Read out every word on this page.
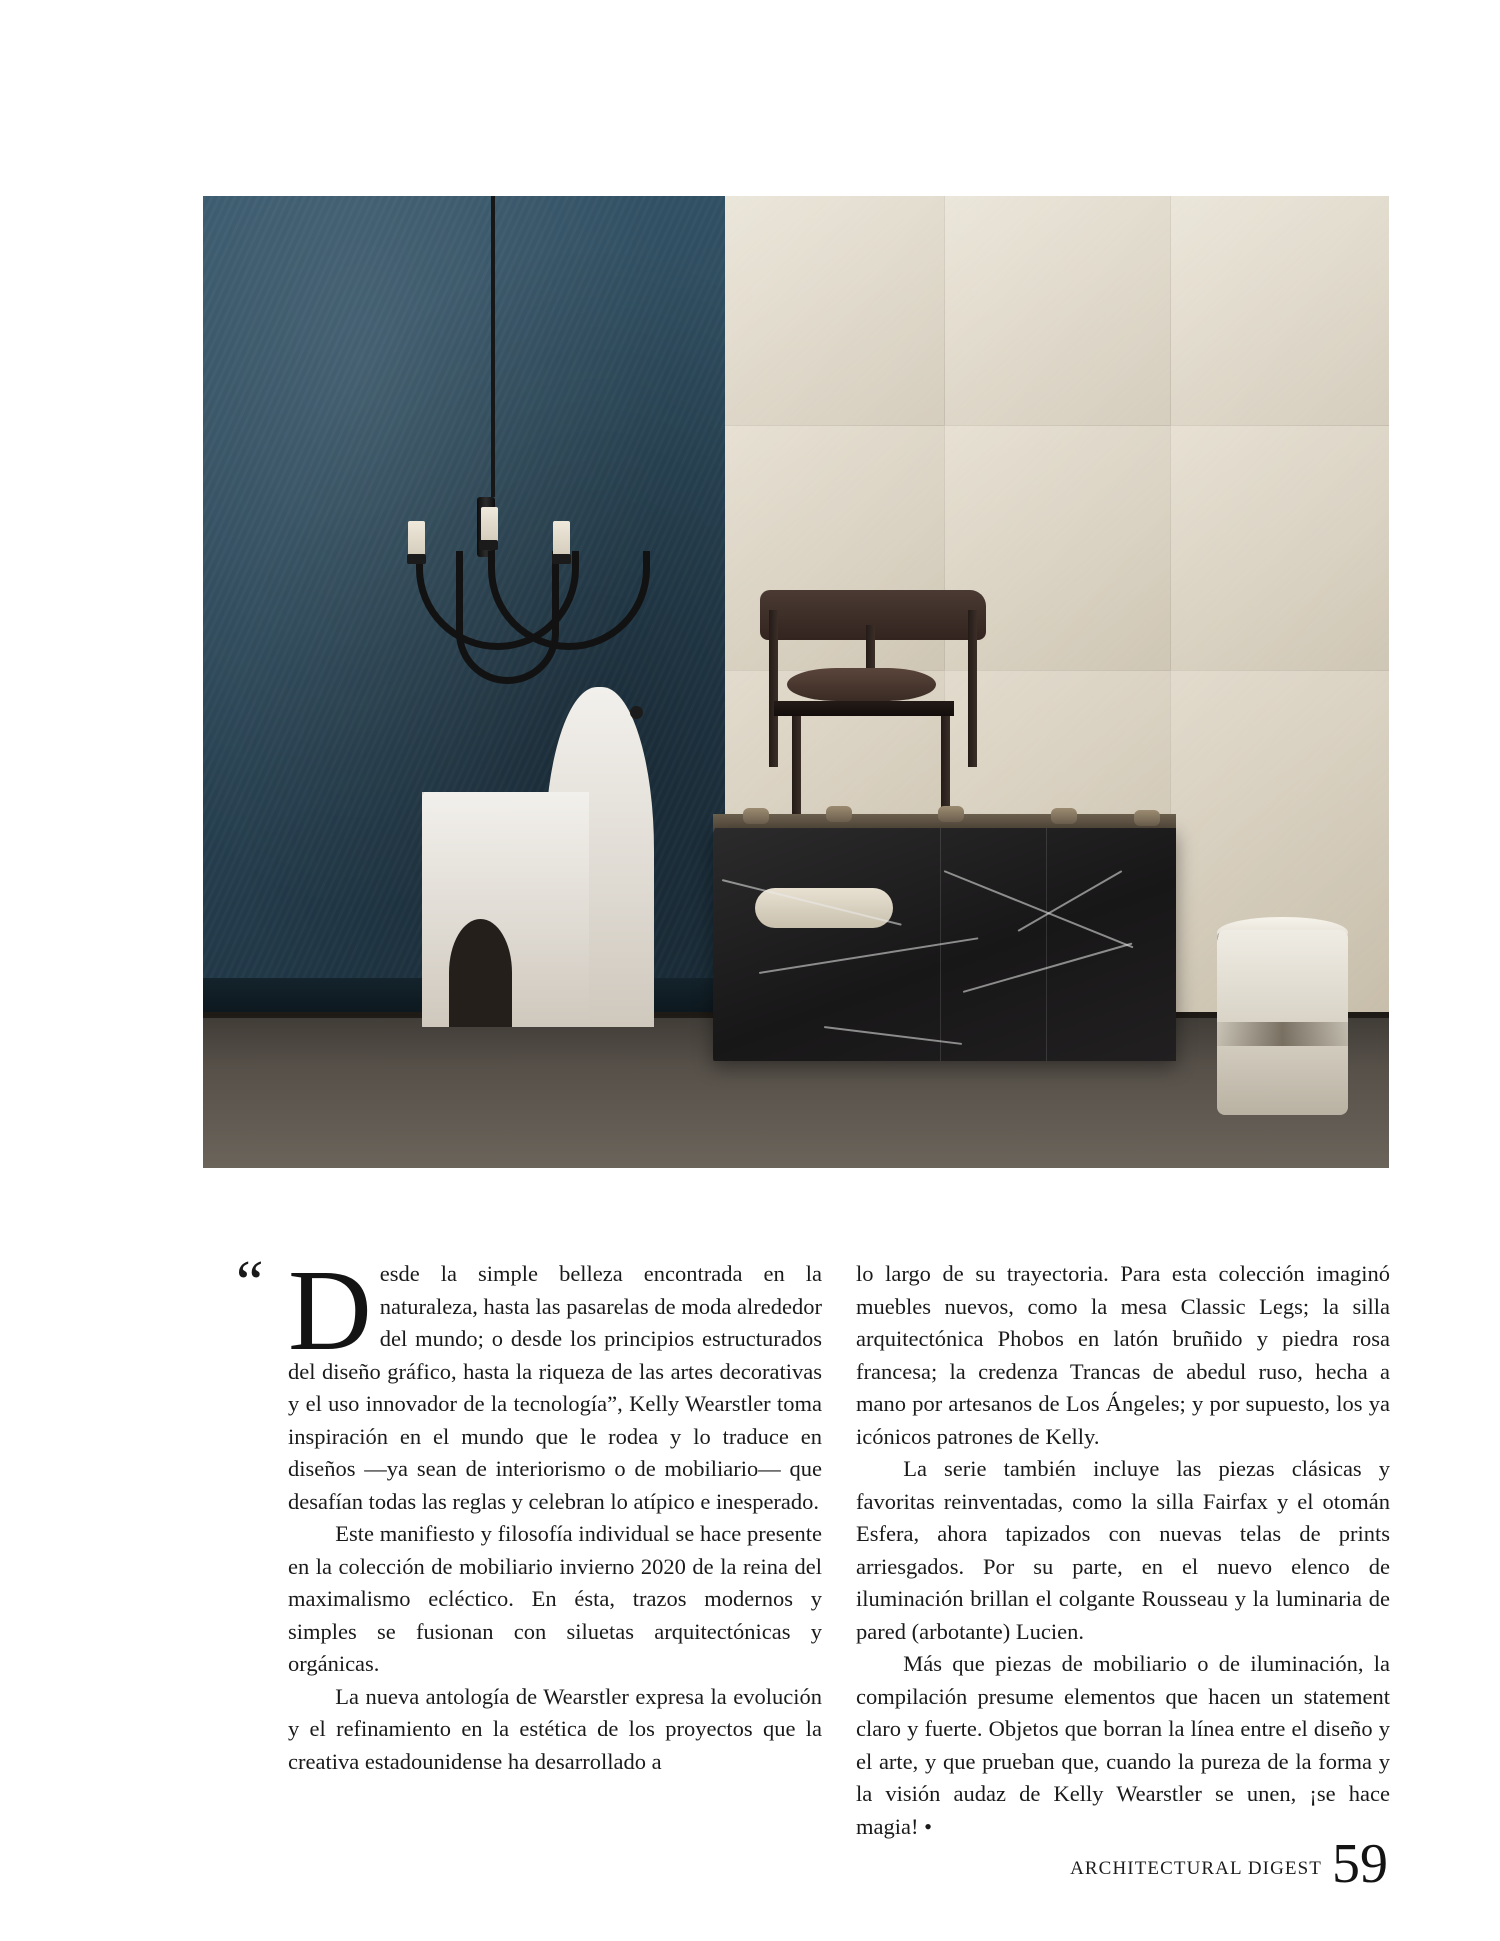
“ D esde la simple belleza encontrada en la naturaleza, hasta las pasarelas de moda alrededor del mundo; o desde los principios estructurados del diseño gráfico, hasta la riqueza de las artes decorativas y el uso innovador de la tecnología”, Kelly Wearstler toma inspiración en el mundo que le rodea y lo traduce en diseños —ya sean de interiorismo o de mobiliario— que desafían todas las reglas y celebran lo atípico e inesperado.

Este manifiesto y filosofía individual se hace presente en la colección de mobiliario invierno 2020 de la reina del maximalismo ecléctico. En ésta, trazos modernos y simples se fusionan con siluetas arquitectónicas y orgánicas.

La nueva antología de Wearstler expresa la evolución y el refinamiento en la estética de los proyectos que la creativa estadounidense ha desarrollado a

lo largo de su trayectoria. Para esta colección imaginó muebles nuevos, como la mesa Classic Legs; la silla arquitectónica Phobos en latón bruñido y piedra rosa francesa; la credenza Trancas de abedul ruso, hecha a mano por artesanos de Los Ángeles; y por supuesto, los ya icónicos patrones de Kelly.

La serie también incluye las piezas clásicas y favoritas reinventadas, como la silla Fairfax y el otomán Esfera, ahora tapizados con nuevas telas de prints arriesgados. Por su parte, en el nuevo elenco de iluminación brillan el colgante Rousseau y la luminaria de pared (arbotante) Lucien.

Más que piezas de mobiliario o de iluminación, la compilación presume elementos que hacen un statement claro y fuerte. Objetos que borran la línea entre el diseño y el arte, y que prueban que, cuando la pureza de la forma y la visión audaz de Kelly Wearstler se unen, ¡se hace magia! •

ARCHITECTURAL DIGEST 59
